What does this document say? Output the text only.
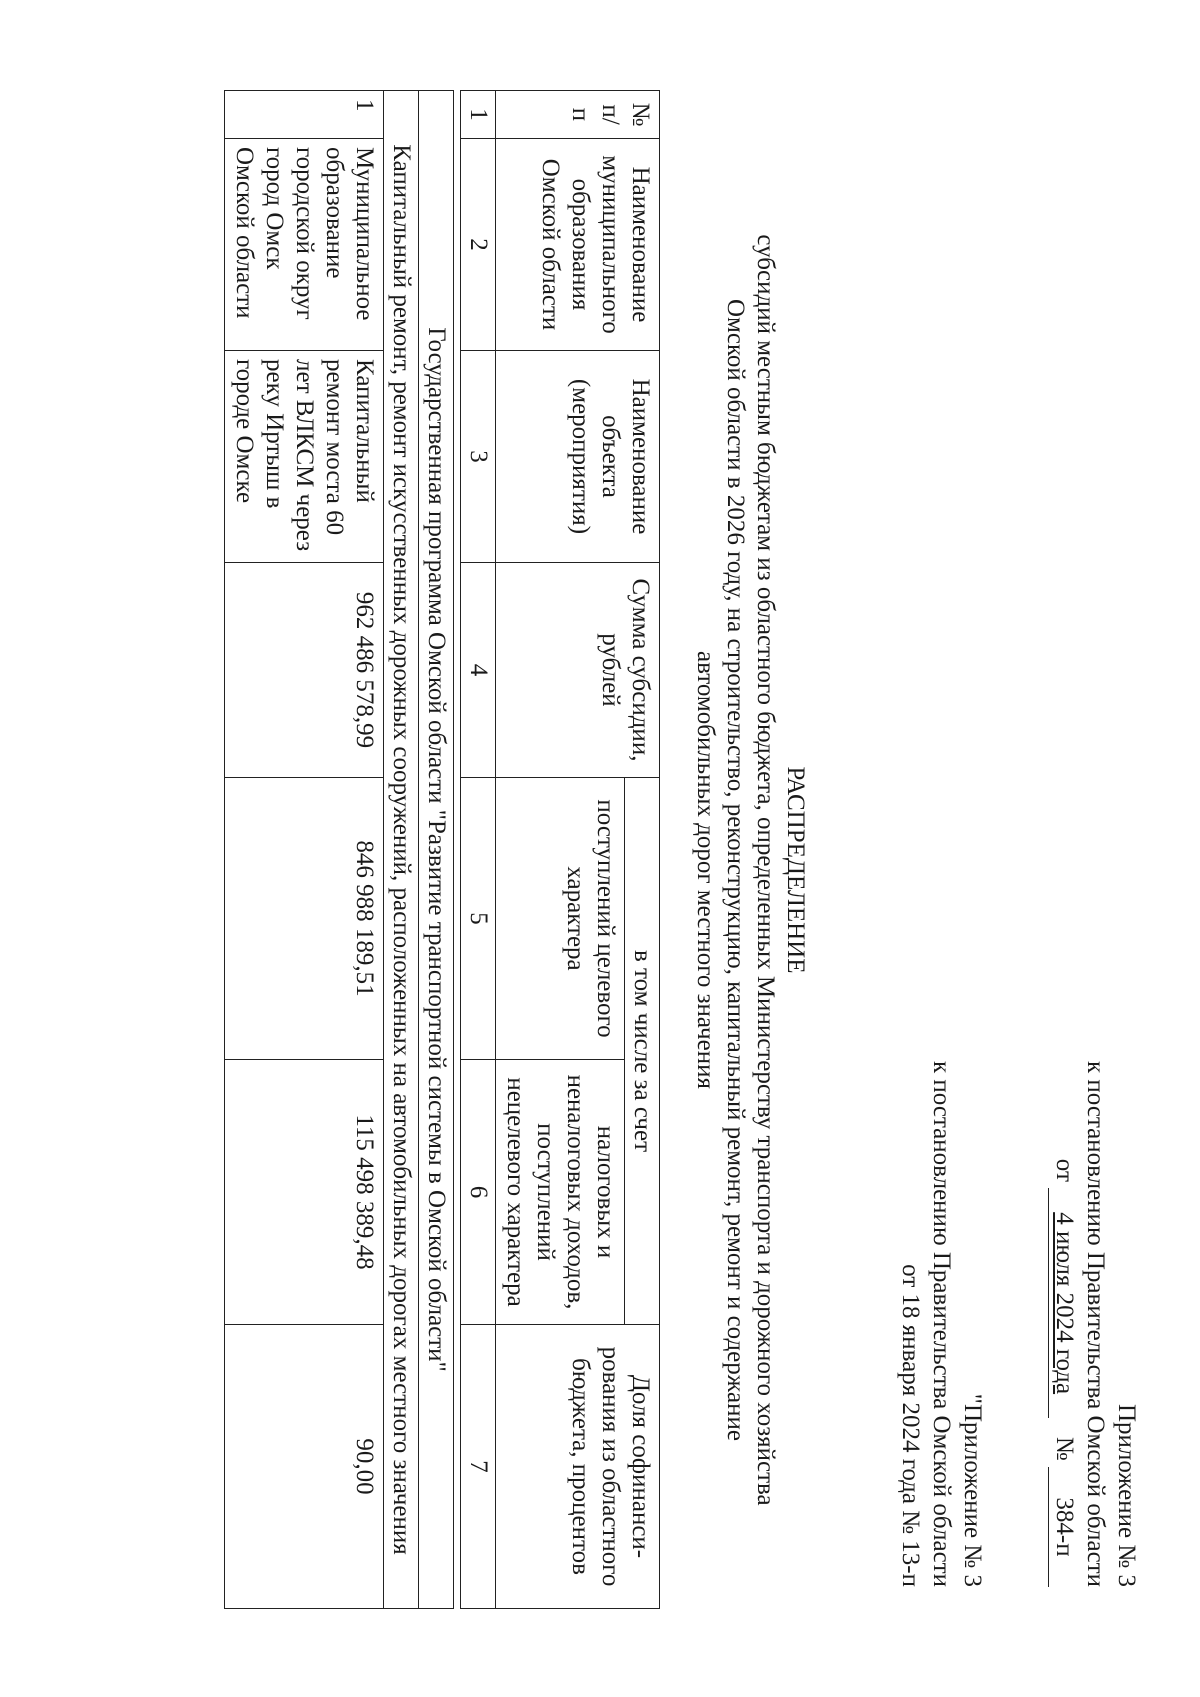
Приложение № 3
к постановлению Правительства Омской области
от 4 июля 2024 года   № 384-п
"Приложение № 3
к постановлению Правительства Омской области
от 18 января 2024 года № 13-п
РАСПРЕДЕЛЕНИЕ
субсидий местным бюджетам из областного бюджета, определенных Министерству транспорта и дорожного хозяйства
Омской области в 2026 году, на строительство, реконструкцию, капитальный ремонт, ремонт и содержание
автомобильных дорог местного значения
№ п/п	Наименование муниципального образования Омской области	Наименование объекта (мероприятия)	Сумма субсидии, рублей	в том числе за счет		Доля софинанси-рования из областного бюджета, процентов
				поступлений целевого характера	налоговых и неналоговых доходов, поступлений нецелевого характера	
1	2	3	4	5	6	7

Государственная программа Омской области "Развитие транспортной системы в Омской области"						
Капитальный ремонт, ремонт искусственных дорожных сооружений, расположенных на автомобильных дорогах местного значения						
1	Муниципальное образование городской округ город Омск Омской области	Капитальный ремонт моста 60 лет ВЛКСМ через реку Иртыш в городе Омске	962 486 578,99	846 988 189,51	115 498 389,48	90,00
